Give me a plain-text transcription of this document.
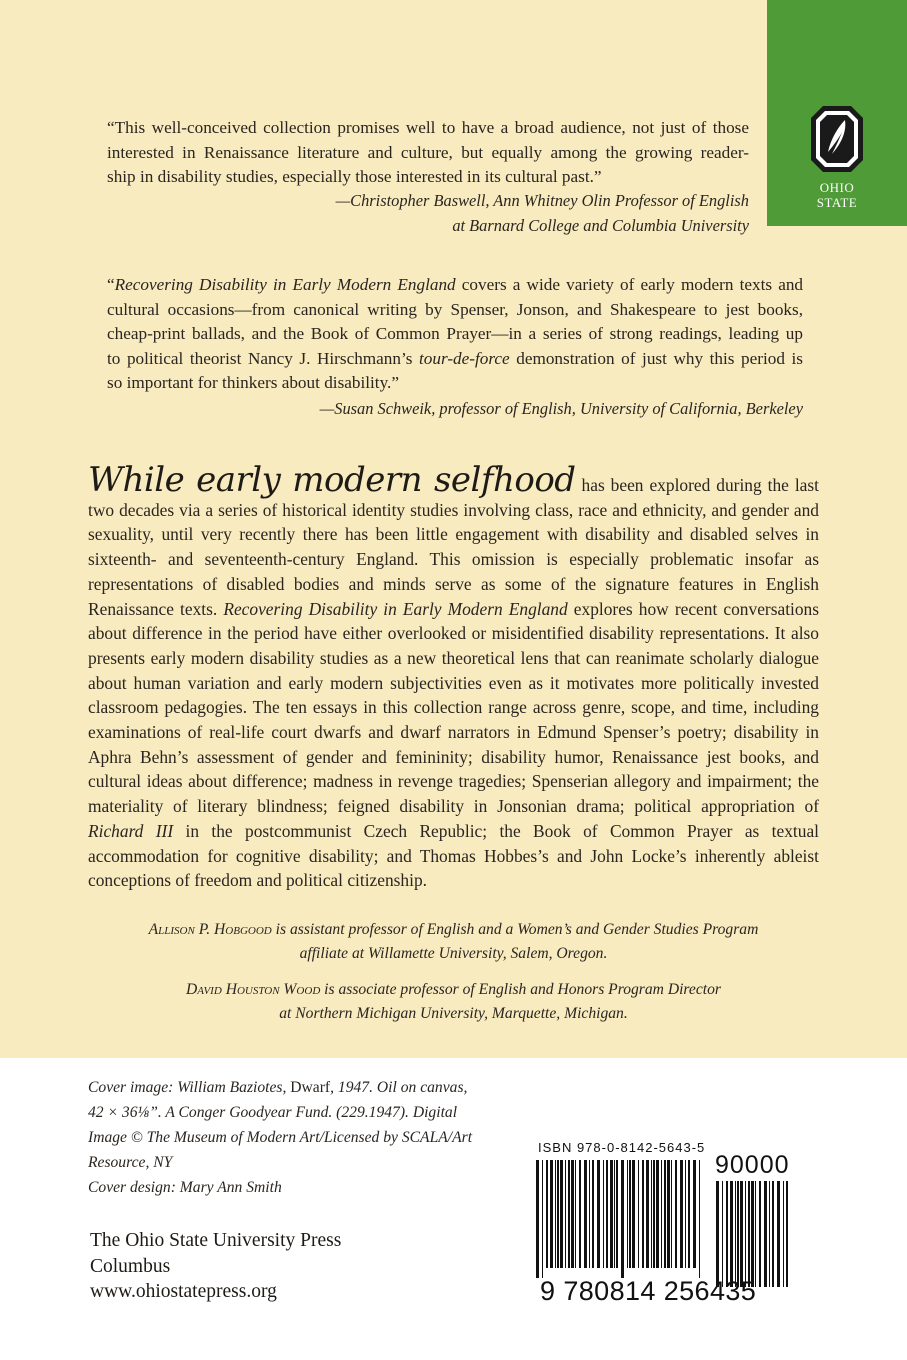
OHIO
STATE
“This well-conceived collection promises well to have a broad audience, not just of those
interested in Renaissance literature and culture, but equally among the growing reader-
ship in disability studies, especially those interested in its cultural past.”
—Christopher Baswell, Ann Whitney Olin Professor of English
at Barnard College and Columbia University
“Recovering Disability in Early Modern England covers a wide variety of early modern texts and
cultural occasions—from canonical writing by Spenser, Jonson, and Shakespeare to jest books,
cheap-print ballads, and the Book of Common Prayer—in a series of strong readings, leading up
to political theorist Nancy J. Hirschmann’s tour-de-force demonstration of just why this period is
so important for thinkers about disability.”
—Susan Schweik, professor of English, University of California, Berkeley
While early modern selfhood has been explored during the last two decades via a series of historical identity studies involving class, race and ethnicity, and gender and sexuality, until very recently there has been little engagement with disability and disabled selves in sixteenth- and seventeenth-century England. This omission is especially problematic insofar as representations of disabled bodies and minds serve as some of the signature features in English Renaissance texts. Recovering Disability in Early Modern England explores how recent conversations about difference in the period have either overlooked or misidentified disability representations. It also presents early modern disability studies as a new theoretical lens that can reanimate scholarly dialogue about human variation and early modern subjectivities even as it motivates more politically invested classroom pedagogies. The ten essays in this collection range across genre, scope, and time, including examinations of real-life court dwarfs and dwarf narrators in Edmund Spenser’s poetry; disability in Aphra Behn’s assessment of gender and femininity; disability humor, Renaissance jest books, and cultural ideas about difference; madness in revenge tragedies; Spenserian allegory and impairment; the materiality of literary blindness; feigned disability in Jonsonian drama; political appropriation of Richard III in the postcommunist Czech Republic; the Book of Common Prayer as textual accommodation for cognitive disability; and Thomas Hobbes’s and John Locke’s inherently ableist conceptions of freedom and political citizenship.
Allison P. Hobgood is assistant professor of English and a Women’s and Gender Studies Program
affiliate at Willamette University, Salem, Oregon.
David Houston Wood is associate professor of English and Honors Program Director
at Northern Michigan University, Marquette, Michigan.
Cover image: William Baziotes, Dwarf, 1947. Oil on canvas,
42 × 36⅛”. A Conger Goodyear Fund. (229.1947). Digital
Image © The Museum of Modern Art/Licensed by SCALA/Art
Resource, NY
Cover design: Mary Ann Smith
The Ohio State University Press
Columbus
www.ohiostatepress.org
ISBN 978-0-8142-5643-5
90000
9 780814 256435
